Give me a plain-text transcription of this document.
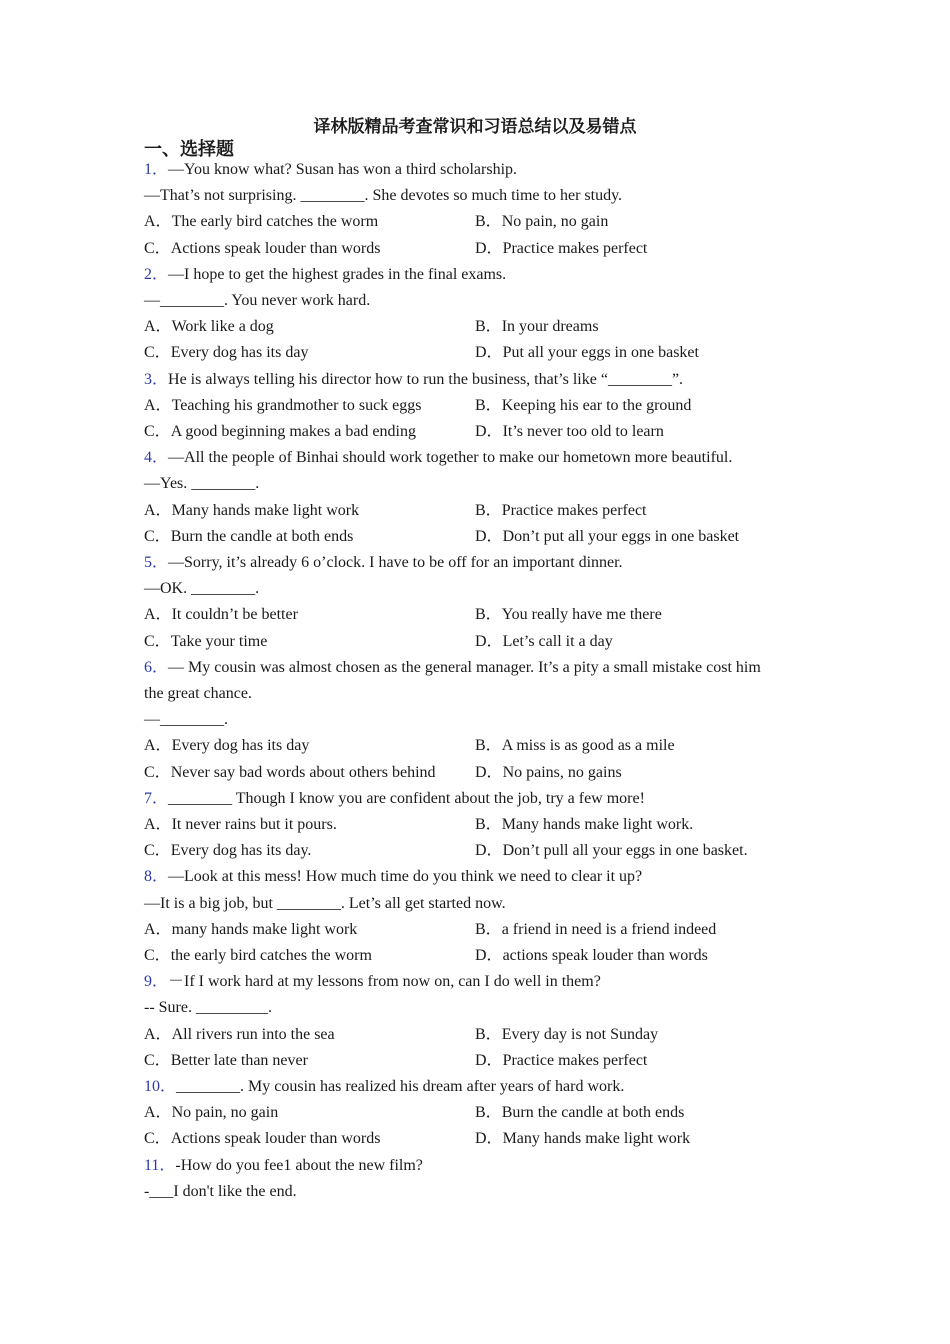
译林版精品考查常识和习语总结以及易错点
一、选择题
1．—You know what? Susan has won a third scholarship.
—That’s not surprising. ________. She devotes so much time to her study.
A．The early bird catches the worm	B．No pain, no gain
C．Actions speak louder than words	D．Practice makes perfect
2．—I hope to get the highest grades in the final exams.
—________. You never work hard.
A．Work like a dog	B．In your dreams
C．Every dog has its day	D．Put all your eggs in one basket
3．He is always telling his director how to run the business, that’s like “________”.
A．Teaching his grandmother to suck eggs	B．Keeping his ear to the ground
C．A good beginning makes a bad ending	D．It’s never too old to learn
4．—All the people of Binhai should work together to make our hometown more beautiful.
—Yes. ________.
A．Many hands make light work	B．Practice makes perfect
C．Burn the candle at both ends	D．Don’t put all your eggs in one basket
5．—Sorry, it’s already 6 o’clock. I have to be off for an important dinner.
—OK. ________.
A．It couldn’t be better	B．You really have me there
C．Take your time	D．Let’s call it a day
6．— My cousin was almost chosen as the general manager. It’s a pity a small mistake cost him
the great chance.
—________.
A．Every dog has its day	B．A miss is as good as a mile
C．Never say bad words about others behind D．No pains, no gains
7．________ Though I know you are confident about the job, try a few more!
A．It never rains but it pours.	B．Many hands make light work.
C．Every dog has its day.	D．Don’t pull all your eggs in one basket.
8．—Look at this mess! How much time do you think we need to clear it up?
—It is a big job, but ________. Let’s all get started now.
A．many hands make light work	B．a friend in need is a friend indeed
C．the early bird catches the worm	D．actions speak louder than words
9．－If I work hard at my lessons from now on, can I do well in them?
-- Sure. _________.
A．All rivers run into the sea	B．Every day is not Sunday
C．Better late than never	D．Practice makes perfect
10．________. My cousin has realized his dream after years of hard work.
A．No pain, no gain	B．Burn the candle at both ends
C．Actions speak louder than words	D．Many hands make light work
11．-How do you fee1 about the new film?
-___I don't like the end.
